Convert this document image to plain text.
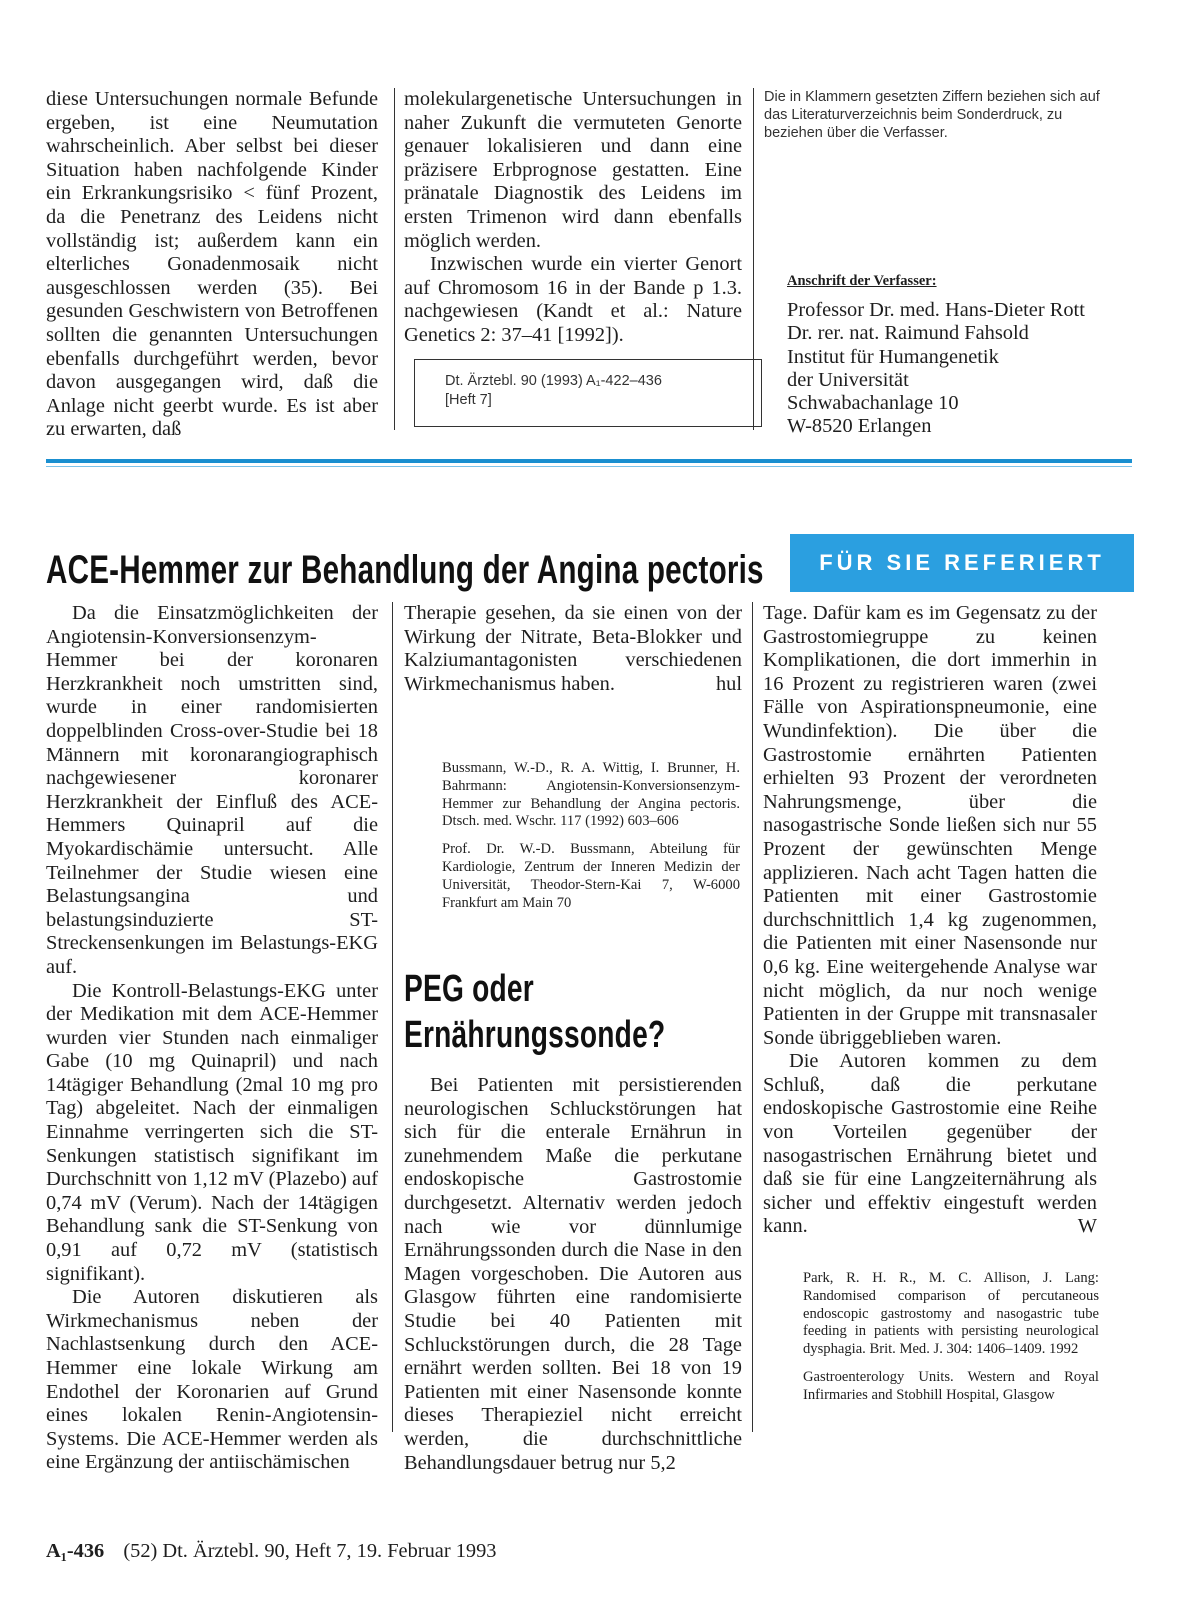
diese Untersuchungen normale Befunde ergeben, ist eine Neumutation wahrscheinlich. Aber selbst bei dieser Situation haben nachfolgende Kinder ein Erkrankungsrisiko < fünf Prozent, da die Penetranz des Leidens nicht vollständig ist; außerdem kann ein elterliches Gonadenmosaik nicht ausgeschlossen werden (35). Bei gesunden Geschwistern von Betroffenen sollten die genannten Untersuchungen ebenfalls durchgeführt werden, bevor davon ausgegangen wird, daß die Anlage nicht geerbt wurde. Es ist aber zu erwarten, daß

molekulargenetische Untersuchungen in naher Zukunft die vermuteten Genorte genauer lokalisieren und dann eine präzisere Erbprognose gestatten. Eine pränatale Diagnostik des Leidens im ersten Trimenon wird dann ebenfalls möglich werden.

Inzwischen wurde ein vierter Genort auf Chromosom 16 in der Bande p 1.3. nachgewiesen (Kandt et al.: Nature Genetics 2: 37–41 [1992]).

Dt. Ärztebl. 90 (1993) A₁-422–436
[Heft 7]
Die in Klammern gesetzten Ziffern beziehen sich auf das Literaturverzeichnis beim Sonderdruck, zu beziehen über die Verfasser.
Anschrift der Verfasser:
Professor Dr. med. Hans-Dieter Rott
Dr. rer. nat. Raimund Fahsold
Institut für Humangenetik
der Universität
Schwabachanlage 10
W-8520 Erlangen
FÜR SIE REFERIERT
ACE-Hemmer zur Behandlung der Angina pectoris

Da die Einsatzmöglichkeiten der Angiotensin-Konversionsenzym-Hemmer bei der koronaren Herzkrankheit noch umstritten sind, wurde in einer randomisierten doppelblinden Cross-over-Studie bei 18 Männern mit koronarangiographisch nachgewiesener koronarer Herzkrankheit der Einfluß des ACE-Hemmers Quinapril auf die Myokardischämie untersucht. Alle Teilnehmer der Studie wiesen eine Belastungsangina und belastungsinduzierte ST-Streckensenkungen im Belastungs-EKG auf.

Die Kontroll-Belastungs-EKG unter der Medikation mit dem ACE-Hemmer wurden vier Stunden nach einmaliger Gabe (10 mg Quinapril) und nach 14tägiger Behandlung (2mal 10 mg pro Tag) abgeleitet. Nach der einmaligen Einnahme verringerten sich die ST-Senkungen statistisch signifikant im Durchschnitt von 1,12 mV (Plazebo) auf 0,74 mV (Verum). Nach der 14tägigen Behandlung sank die ST-Senkung von 0,91 auf 0,72 mV (statistisch signifikant).

Die Autoren diskutieren als Wirkmechanismus neben der Nachlastsenkung durch den ACE-Hemmer eine lokale Wirkung am Endothel der Koronarien auf Grund eines lokalen Renin-Angiotensin-Systems. Die ACE-Hemmer werden als eine Ergänzung der antiischämischen

Therapie gesehen, da sie einen von der Wirkung der Nitrate, Beta-Blokker und Kalziumantagonisten verschiedenen Wirkmechanismus haben.	hul

Bussmann, W.-D., R. A. Wittig, I. Brunner, H. Bahrmann: Angiotensin-Konversionsenzym-Hemmer zur Behandlung der Angina pectoris. Dtsch. med. Wschr. 117 (1992) 603–606

Prof. Dr. W.-D. Bussmann, Abteilung für Kardiologie, Zentrum der Inneren Medizin der Universität, Theodor-Stern-Kai 7, W-6000 Frankfurt am Main 70

PEG oder
Ernährungssonde?

Bei Patienten mit persistierenden neurologischen Schluckstörungen hat sich für die enterale Ernährun in zunehmendem Maße die perkutane endoskopische Gastrostomie durchgesetzt. Alternativ werden jedoch nach wie vor dünnlumige Ernährungssonden durch die Nase in den Magen vorgeschoben. Die Autoren aus Glasgow führten eine randomisierte Studie bei 40 Patienten mit Schluckstörungen durch, die 28 Tage ernährt werden sollten. Bei 18 von 19 Patienten mit einer Nasensonde konnte dieses Therapieziel nicht erreicht werden, die durchschnittliche Behandlungsdauer betrug nur 5,2

Tage. Dafür kam es im Gegensatz zu der Gastrostomiegruppe zu keinen Komplikationen, die dort immerhin in 16 Prozent zu registrieren waren (zwei Fälle von Aspirationspneumonie, eine Wundinfektion). Die über die Gastrostomie ernährten Patienten erhielten 93 Prozent der verordneten Nahrungsmenge, über die nasogastrische Sonde ließen sich nur 55 Prozent der gewünschten Menge applizieren. Nach acht Tagen hatten die Patienten mit einer Gastrostomie durchschnittlich 1,4 kg zugenommen, die Patienten mit einer Nasensonde nur 0,6 kg. Eine weitergehende Analyse war nicht möglich, da nur noch wenige Patienten in der Gruppe mit transnasaler Sonde übriggeblieben waren.

Die Autoren kommen zu dem Schluß, daß die perkutane endoskopische Gastrostomie eine Reihe von Vorteilen gegenüber der nasogastrischen Ernährung bietet und daß sie für eine Langzeiternährung als sicher und effektiv eingestuft werden kann.	W

Park, R. H. R., M. C. Allison, J. Lang: Randomised comparison of percutaneous endoscopic gastrostomy and nasogastric tube feeding in patients with persisting neurological dysphagia. Brit. Med. J. 304: 1406–1409. 1992

Gastroenterology Units. Western and Royal Infirmaries and Stobhill Hospital, Glasgow

A₁-436 (52) Dt. Ärztebl. 90, Heft 7, 19. Februar 1993
